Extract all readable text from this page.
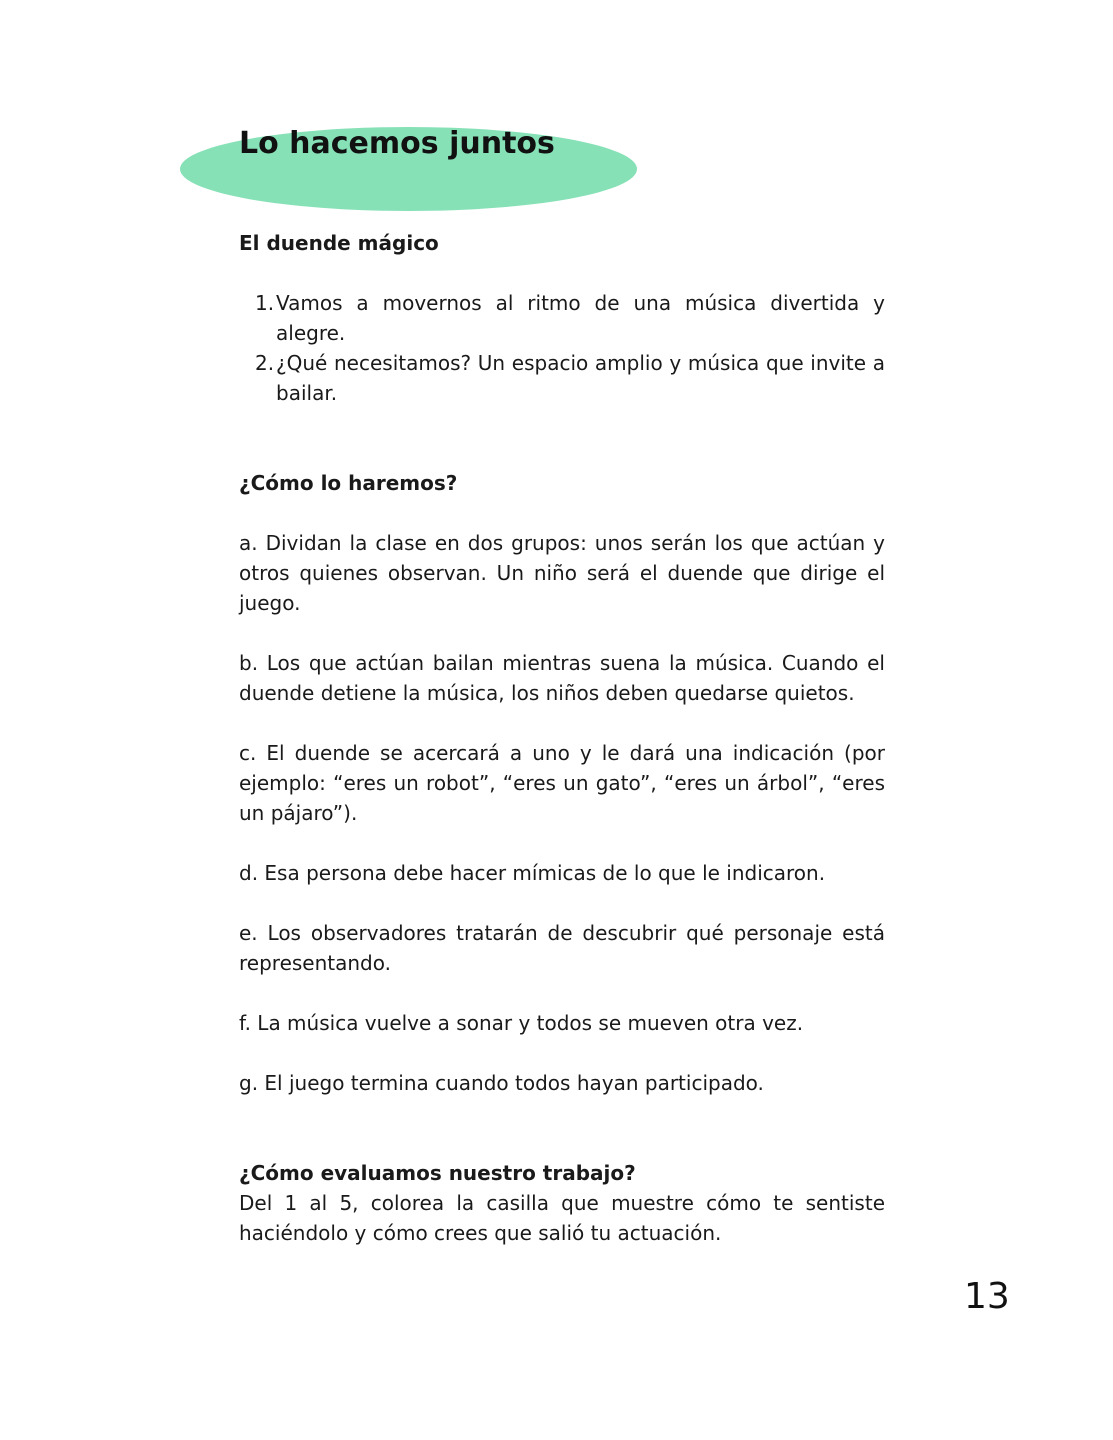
Lo hacemos juntos

El duende mágico

1. Vamos a movernos al ritmo de una música divertida y alegre.
2. ¿Qué necesitamos? Un espacio amplio y música que invite a bailar.

¿Cómo lo haremos?

a. Dividan la clase en dos grupos: unos serán los que actúan y otros quienes observan. Un niño será el duende que dirige el juego.

b. Los que actúan bailan mientras suena la música. Cuando el duende detiene la música, los niños deben quedarse quietos.

c. El duende se acercará a uno y le dará una indicación (por ejemplo: “eres un robot”, “eres un gato”, “eres un árbol”, “eres un pájaro”).

d. Esa persona debe hacer mímicas de lo que le indicaron.

e. Los observadores tratarán de descubrir qué personaje está representando.

f. La música vuelve a sonar y todos se mueven otra vez.

g. El juego termina cuando todos hayan participado.

¿Cómo evaluamos nuestro trabajo?

Del 1 al 5, colorea la casilla que muestre cómo te sentiste haciéndolo y cómo crees que salió tu actuación.

13
